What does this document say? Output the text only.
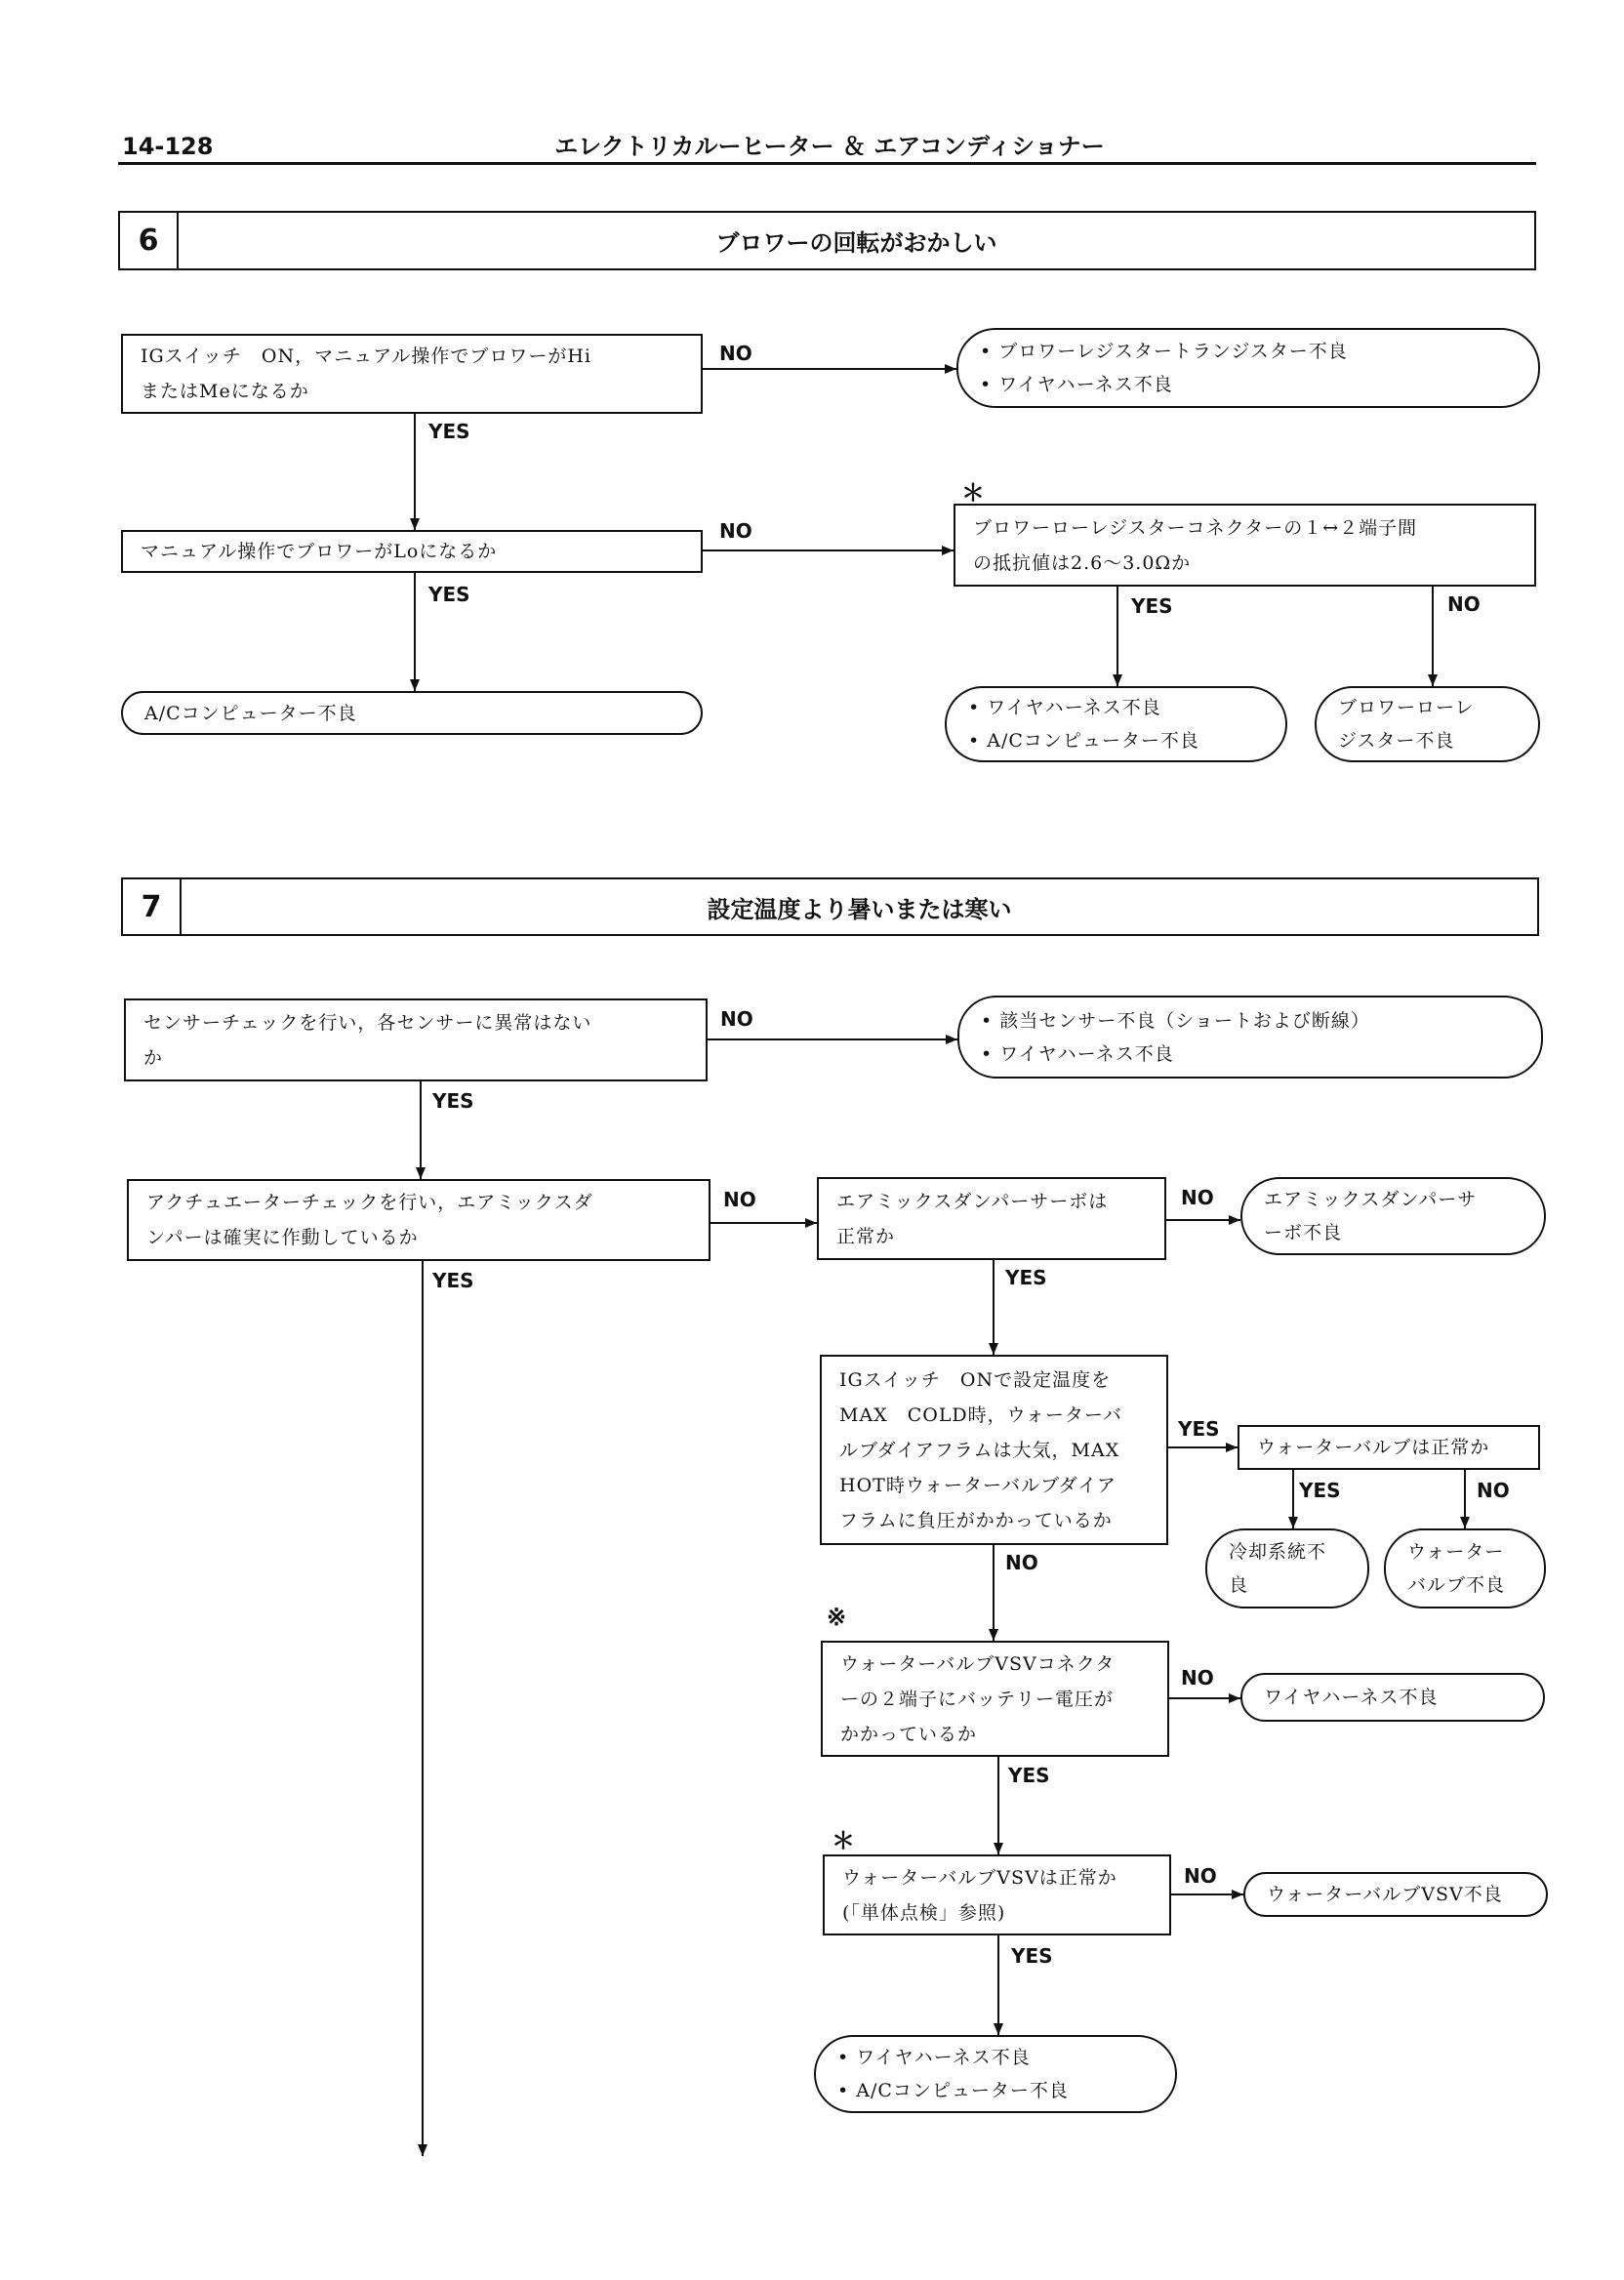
14-128	エレクトリカルーヒーター ＆ エアコンディショナー
6	ブロワーの回転がおかしい
7	設定温度より暑いまたは寒い
IGスイッチ　ON，マニュアル操作でブロワーがHi
またはMeになるか
• ブロワーレジスタートランジスター不良
• ワイヤハーネス不良
マニュアル操作でブロワーがLoになるか
ブロワーローレジスターコネクターの１↔２端子間
の抵抗値は2.6〜3.0Ωか
• ワイヤハーネス不良
• A/Cコンピューター不良
ブロワーローレ
ジスター不良
A/Cコンピューター不良
センサーチェックを行い，各センサーに異常はない
か
• 該当センサー不良（ショートおよび断線）
• ワイヤハーネス不良
アクチュエーターチェックを行い，エアミックスダ
ンパーは確実に作動しているか
エアミックスダンパーサーボは
正常か
エアミックスダンパーサ
ーボ不良
IGスイッチ　ONで設定温度を
MAX　COLD時，ウォーターバ
ルブダイアフラムは大気，MAX
HOT時ウォーターバルブダイア
フラムに負圧がかかっているか
ウォーターバルブは正常か
冷却系統不
良
ウォーター
バルブ不良
ウォーターバルブVSVコネクタ
ーの２端子にバッテリー電圧が
かかっているか
ワイヤハーネス不良
ウォーターバルブVSVは正常か
(「単体点検」参照)
ウォーターバルブVSV不良
• ワイヤハーネス不良
• A/Cコンピューター不良
NO
YES
NO
YES	YES	NO
NO
YES
NO
YES
NO
YES
YES
NO
YES	NO
NO
YES
NO
YES
＊
※
＊
